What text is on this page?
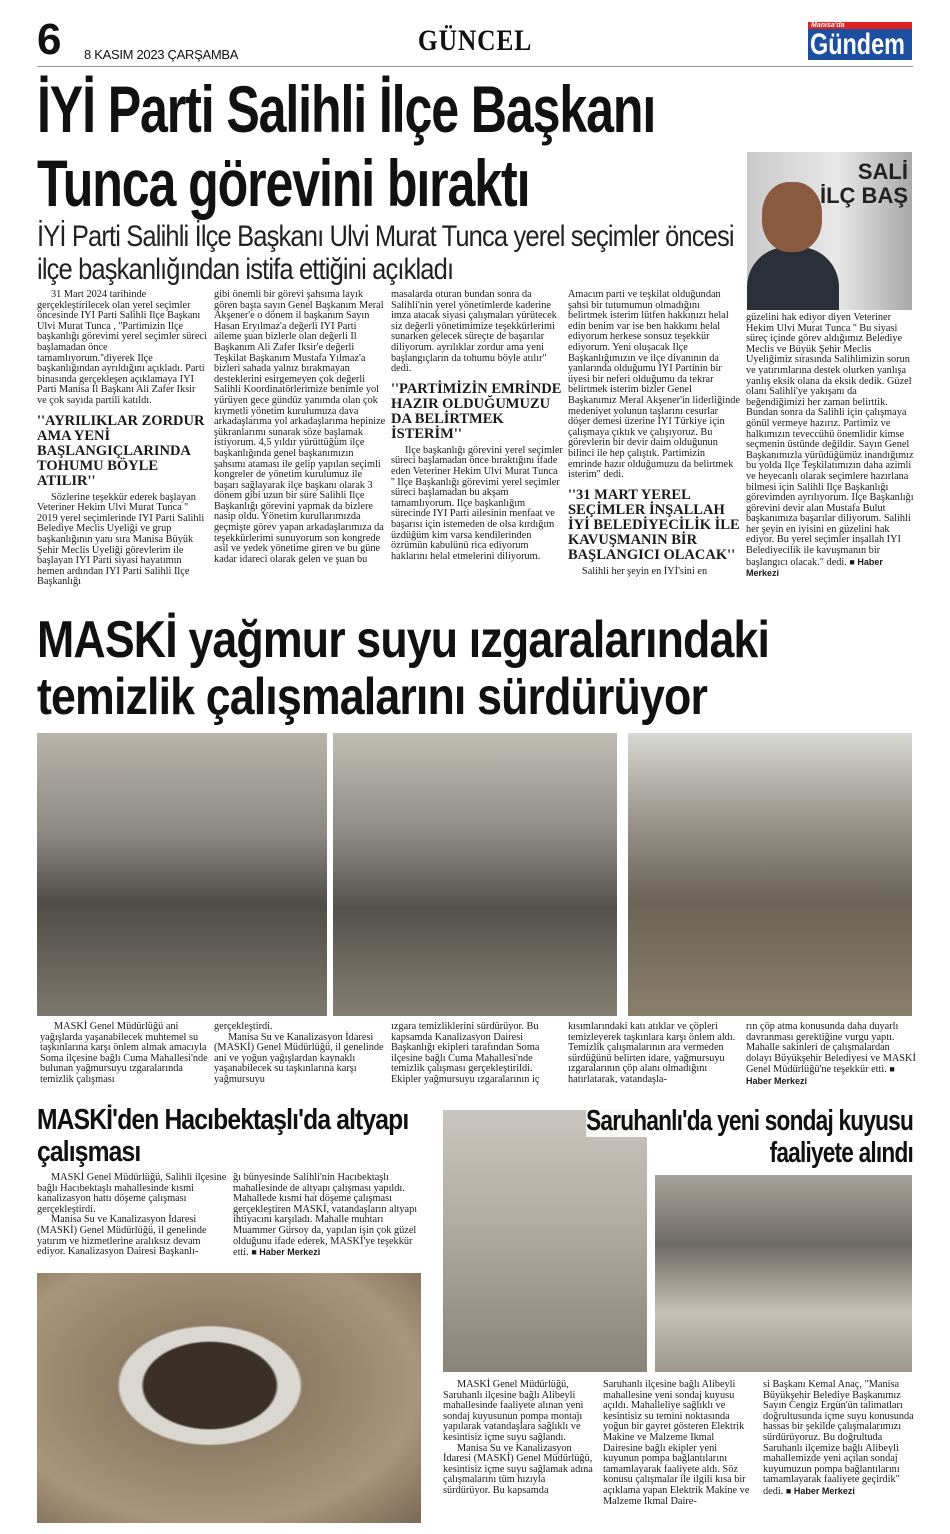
6 8 KASIM 2023 ÇARŞAMBA	GÜNCEL	Manisa'da
Gündem
İYİ Parti Salihli İlçe Başkanı
Tunca görevini bıraktı
İYİ Parti Salihli İlçe Başkanı Ulvi Murat Tunca yerel seçimler öncesi ilçe başkanlığından istifa ettiğini açıkladı
SALİ
İLÇ BAŞ

31 Mart 2024 tarihinde gerçekleştirilecek olan yerel seçimler öncesinde IYI Parti Salihli Ilçe Başkanı Ulvi Murat Tunca , ''Partimizin Ilçe başkanlığı görevimi yerel seçimler süreci başlamadan önce tamamlıyorum.''diyerek Ilçe başkanlığından ayrıldığını açıkladı. Parti binasında gerçekleşen açıklamaya IYI Parti Manisa Il Başkanı Ali Zafer Iksir ve çok sayıda partili katıldı.

''AYRILIKLAR ZORDUR AMA YENİ BAŞLANGIÇLARINDA TOHUMU BÖYLE ATILIR''

Sözlerine teşekkür ederek başlayan Veteriner Hekim Ulvi Murat Tunca '' 2019 yerel seçimlerinde IYI Parti Salihli Belediye Meclis Uyeliği ve grup başkanlığının yanı sıra Manisa Büyük Şehir Meclis Uyeliği görevlerim ile başlayan IYI Parti siyasi hayatımın hemen ardından IYI Parti Salihli Ilçe Başkanlığı

gibi önemli bir görevi şahsıma layık gören başta sayın Genel Başkanım Meral Akşener'e o dönem il başkanım Sayın Hasan Eryılmaz'a değerli IYI Parti aileme şuan bizlerle olan değerli Il Başkanım Ali Zafer Iksir'e değerli Teşkilat Başkanım Mustafa Yılmaz'a bizleri sahada yalnız bırakmayan desteklerini esirgemeyen çok değerli Salihli Koordinatörlerimize benimle yol yürüyen gece gündüz yanımda olan çok kıymetli yönetim kurulumuza dava arkadaşlarıma yol arkadaşlarıma hepinize şükranlarımı sunarak söze başlamak istiyorum. 4,5 yıldır yürüttüğüm ilçe başkanlığında genel başkanımızın şahsımı ataması ile gelip yapılan seçimli kongreler de yönetim kurulumuz ile başarı sağlayarak ilçe başkanı olarak 3 dönem gibi uzun bir süre Salihli Ilçe Başkanlığı görevini yapmak da bizlere nasip oldu. Yönetim kurullarımızda geçmişte görev yapan arkadaşlarımıza da teşekkürlerimi sunuyorum son kongrede asil ve yedek yönetime giren ve bu güne kadar idareci olarak gelen ve şuan bu

masalarda oturan bundan sonra da Salihli'nin yerel yönetimlerde kaderine imza atacak siyasi çalışmaları yürütecek siz değerli yönetimimize teşekkürlerimi sunarken gelecek süreçte de başarılar diliyorum. ayrılıklar zordur ama yeni başlangıçların da tohumu böyle atılır" dedi.

''PARTİMİZİN EMRİNDE HAZIR OLDUĞUMUZU DA BELİRTMEK İSTERİM''

Ilçe başkanlığı görevini yerel seçimler süreci başlamadan önce bıraktığını ifade eden Veteriner Hekim Ulvi Murat Tunca '' Ilçe Başkanlığı görevimi yerel seçimler süreci başlamadan bu akşam tamamlıyorum. Ilçe başkanlığım sürecinde IYI Parti ailesinin menfaat ve başarısı için istemeden de olsa kırdığım üzdüğüm kim varsa kendilerinden özrümün kabulünü rica ediyorum haklarını helal etmelerini diliyorum.

Amacım parti ve teşkilat olduğundan şahsi bir tutumumun olmadığını belirtmek isterim lütfen hakkınızı helal edin benim var ise ben hakkımı helal ediyorum herkese sonsuz teşekkür ediyorum. Yeni oluşacak Ilçe Başkanlığımızın ve ilçe divanının da yanlarında olduğumu IYI Partinin bir üyesi bir neferi olduğumu da tekrar belirtmek isterim bizler Genel Başkanımız Meral Akşener'in liderliğinde medeniyet yolunun taşlarını cesurlar döşer demesi üzerine IYI Türkiye için çalışmaya çıktık ve çalışıyoruz. Bu görevlerin bir devir daim olduğunun bilinci ile hep çalıştık. Partimizin emrinde hazır olduğumuzu da belirtmek isterim" dedi.

''31 MART YEREL SEÇİMLER İNŞALLAH İYİ BELEDİYECİLİK İLE KAVUŞMANIN BİR BAŞLANGICI OLACAK''

Salihli her şeyin en İYİ'sini en

güzelini hak ediyor diyen Veteriner Hekim Ulvi Murat Tunca '' Bu siyasi süreç içinde görev aldığımız Belediye Meclis ve Büyük Şehir Meclis Uyeliğimiz sırasında Salihlimizin sorun ve yatırımlarına destek olurken yanlışa yanlış eksik olana da eksik dedik. Güzel olanı Salihli'ye yakışanı da beğendiğimizi her zaman belirttik. Bundan sonra da Salihli için çalışmaya gönül vermeye hazırız. Partimiz ve halkımızın teveccühü önemlidir kimse seçmenin üstünde değildir. Sayın Genel Başkanımızla yürüdüğümüz inandığımız bu yolda Ilçe Teşkilatımızın daha azimli ve heyecanlı olarak seçimlere hazırlana bilmesi için Salihli Ilçe Başkanlığı görevimden ayrılıyorum. Ilçe Başkanlığı görevini devir alan Mustafa Bulut başkanımıza başarılar diliyorum. Salihli her şeyin en iyisini en güzelini hak ediyor. Bu yerel seçimler inşallah IYI Belediyecilik ile kavuşmanın bir başlangıcı olacak." dedi. ■ Haber Merkezi

MASKİ yağmur suyu ızgaralarındaki
temizlik çalışmalarını sürdürüyor

MASKİ Genel Müdürlüğü ani yağışlarda yaşanabilecek muhtemel su taşkınlarına karşı önlem almak amacıyla Soma ilçesine bağlı Cuma Mahallesi'nde bulunan yağmursuyu ızgaralarında temizlik çalışması

gerçekleştirdi.

Manisa Su ve Kanalizasyon İdaresi (MASKİ) Genel Müdürlüğü, il genelinde ani ve yoğun yağışlardan kaynaklı yaşanabilecek su taşkınlarına karşı yağmursuyu

ızgara temizliklerini sürdürüyor. Bu kapsamda Kanalizasyon Dairesi Başkanlığı ekipleri tarafından Soma ilçesine bağlı Cuma Mahallesi'nde temizlik çalışması gerçekleştirildi. Ekipler yağmursuyu ızgaralarının iç

kısımlarındaki katı atıklar ve çöpleri temizleyerek taşkınlara karşı önlem aldı. Temizlik çalışmalarının ara vermeden sürdüğünü belirten idare, yağmursuyu ızgaralarının çöp alanı olmadığını hatırlatarak, vatandaşla-

rın çöp atma konusunda daha duyarlı davranması gerektiğine vurgu yaptı. Mahalle sakinleri de çalışmalardan dolayı Büyükşehir Belediyesi ve MASKİ Genel Müdürlüğü'ne teşekkür etti. ■ Haber Merkezi

MASKİ'den Hacıbektaşlı'da altyapı çalışması

MASKİ Genel Müdürlüğü, Salihli ilçesine bağlı Hacıbektaşlı mahallesinde kısmi kanalizasyon hattı döşeme çalışması gerçekleştirdi.

Manisa Su ve Kanalizasyon İdaresi (MASKİ) Genel Müdürlüğü, il genelinde yatırım ve hizmetlerine aralıksız devam ediyor. Kanalizasyon Dairesi Başkanlı-

ğı bünyesinde Salihli'nin Hacıbektaşlı mahallesinde de altyapı çalışması yapıldı. Mahallede kısmi hat döşeme çalışması gerçekleştiren MASKİ, vatandaşların altyapı ihtiyacını karşıladı. Mahalle muhtarı Muammer Gürsoy da, yapılan işin çok güzel olduğunu ifade ederek, MASKİ'ye teşekkür etti. ■ Haber Merkezi

Saruhanlı'da yeni sondaj kuyusu faaliyete alındı

MASKİ Genel Müdürlüğü, Saruhanlı ilçesine bağlı Alibeyli mahallesinde faaliyete alınan yeni sondaj kuyusunun pompa montajı yapılarak vatandaşlara sağlıklı ve kesintisiz içme suyu sağlandı.

Manisa Su ve Kanalizasyon İdaresi (MASKİ) Genel Müdürlüğü, kesintisiz içme suyu sağlamak adına çalışmalarını tüm hızıyla sürdürüyor. Bu kapsamda

Saruhanlı ilçesine bağlı Alibeyli mahallesine yeni sondaj kuyusu açıldı. Mahalleliye sağlıklı ve kesintisiz su temini noktasında yoğun bir gayret gösteren Elektrik Makine ve Malzeme Ikmal Dairesine bağlı ekipler yeni kuyunun pompa bağlantılarını tamamlayarak faaliyete aldı. Söz konusu çalışmalar ile ilgili kısa bir açıklama yapan Elektrik Makine ve Malzeme Ikmal Daire-

si Başkanı Kemal Anaç, "Manisa Büyükşehir Belediye Başkanımız Sayın Cengiz Ergün'ün talimatları doğrultusunda içme suyu konusunda hassas bir şekilde çalışmalarımızı sürdürüyoruz. Bu doğrultuda Saruhanlı ilçemize bağlı Alibeyli mahallemizde yeni açılan sondaj kuyumuzun pompa bağlantılarını tamamlayarak faaliyete geçirdik" dedi. ■ Haber Merkezi
